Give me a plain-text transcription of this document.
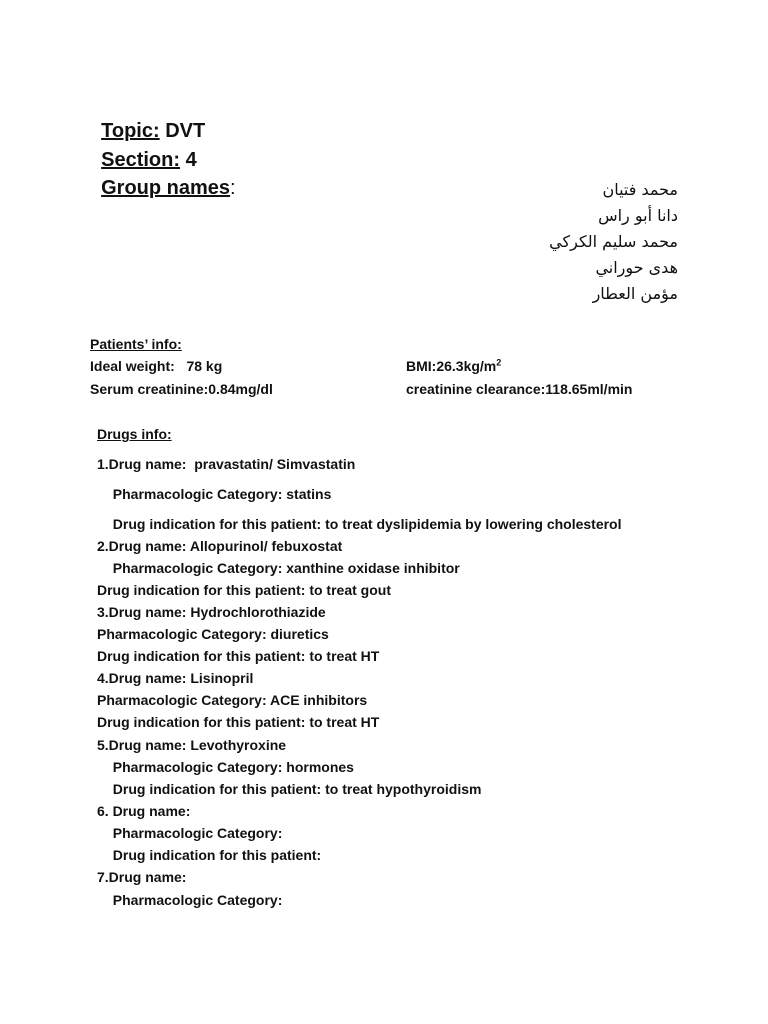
Topic: DVT

Section: 4

Group names:	محمد فتيان
دانا أبو راس
محمد سليم الكركي
هدى حوراني
مؤمن العطار
Patients’ info:
Ideal weight:   78 kg	$BMI:26.3kg/m^2$
Serum creatinine:0.84mg/dl	creatinine clearance:118.65ml/min
Drugs info:
1.Drug name:  pravastatin/ Simvastatin
Pharmacologic Category: statins
Drug indication for this patient: to treat dyslipidemia by lowering cholesterol
2.Drug name: Allopurinol/ febuxostat
Pharmacologic Category: xanthine oxidase inhibitor
Drug indication for this patient: to treat gout
3.Drug name: Hydrochlorothiazide
Pharmacologic Category: diuretics
Drug indication for this patient: to treat HT
4.Drug name: Lisinopril
Pharmacologic Category: ACE inhibitors
Drug indication for this patient: to treat HT
5.Drug name: Levothyroxine
Pharmacologic Category: hormones
Drug indication for this patient: to treat hypothyroidism
6. Drug name:
Pharmacologic Category:
Drug indication for this patient:
7.Drug name:
Pharmacologic Category:
